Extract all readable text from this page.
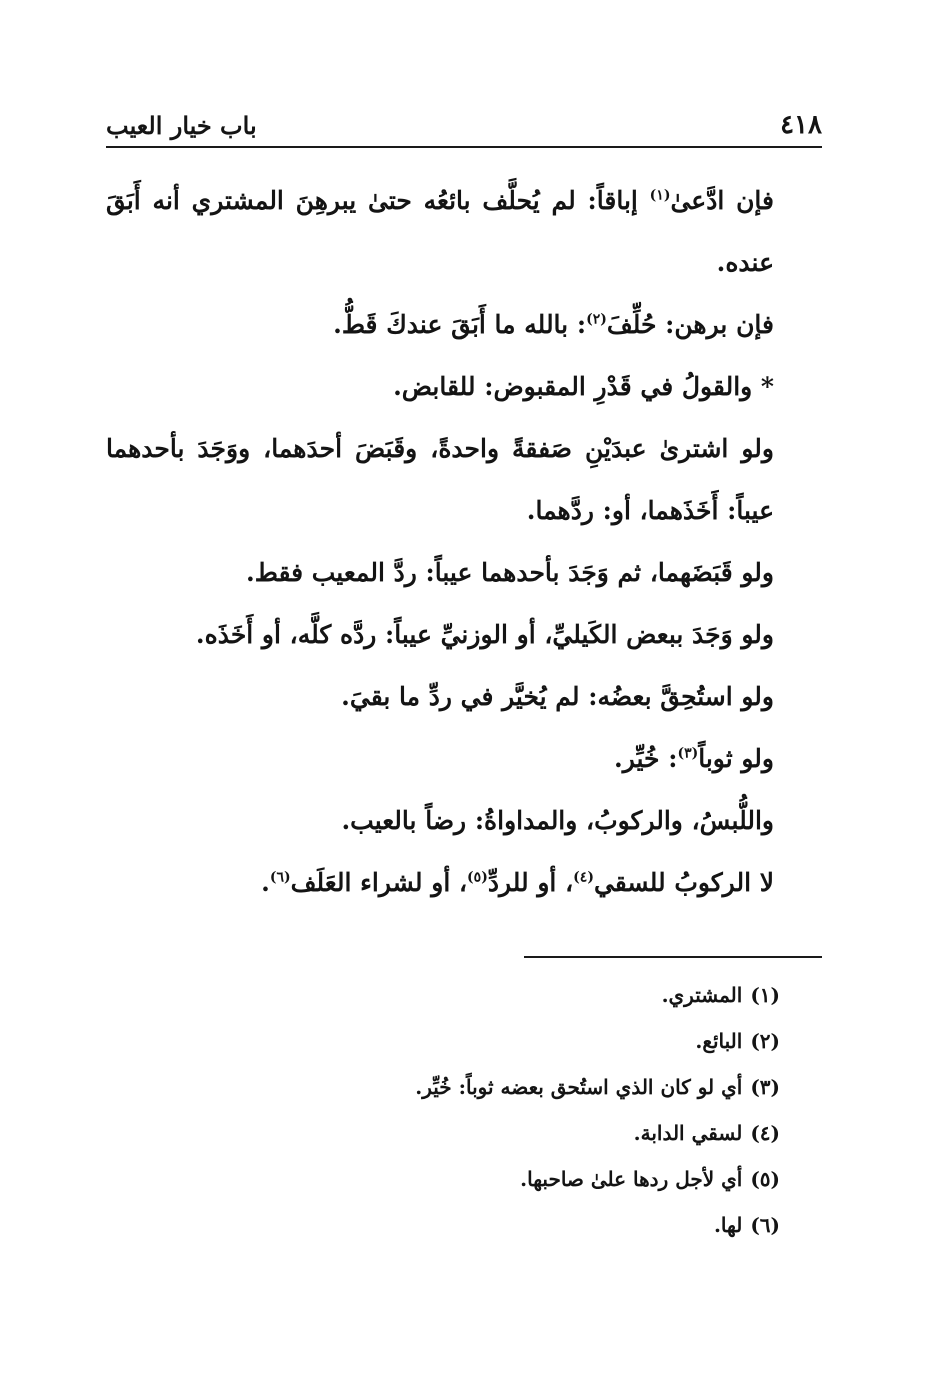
٤١٨
باب خيار العيب

فإن ادَّعىٰ$^{(١)}$ إباقاً: لم يُحلَّف بائعُه حتىٰ يبرهِنَ المشتري أنه أَبَقَ عنده.

فإن برهن: حُلِّفَ$^{(٢)}$: بالله ما أَبَقَ عندكَ قَطُّ.

* والقولُ في قَدْرِ المقبوض: للقابض.

ولو اشترىٰ عبدَيْنِ صَفقةً واحدةً، وقَبَضَ أحدَهما، ووَجَدَ بأحدهما عيباً: أَخَذَهما، أو: ردَّهما.

ولو قَبَضَهما، ثم وَجَدَ بأحدهما عيباً: ردَّ المعيب فقط.

ولو وَجَدَ ببعض الكَيليِّ، أو الوزنيِّ عيباً: ردَّه كلَّه، أو أَخَذَه.

ولو استُحِقَّ بعضُه: لم يُخيَّر في ردِّ ما بقيَ.

ولو ثوباً$^{(٣)}$: خُيِّر.

واللُّبسُ، والركوبُ، والمداواةُ: رضاً بالعيب.

لا الركوبُ للسقي$^{(٤)}$، أو للردِّ$^{(٥)}$، أو لشراء العَلَف$^{(٦)}$.

(١)المشتري.

(٢)البائع.

(٣)أي لو كان الذي استُحق بعضه ثوباً: خُيِّر.

(٤)لسقي الدابة.

(٥)أي لأجل ردها علىٰ صاحبها.

(٦)لها.
